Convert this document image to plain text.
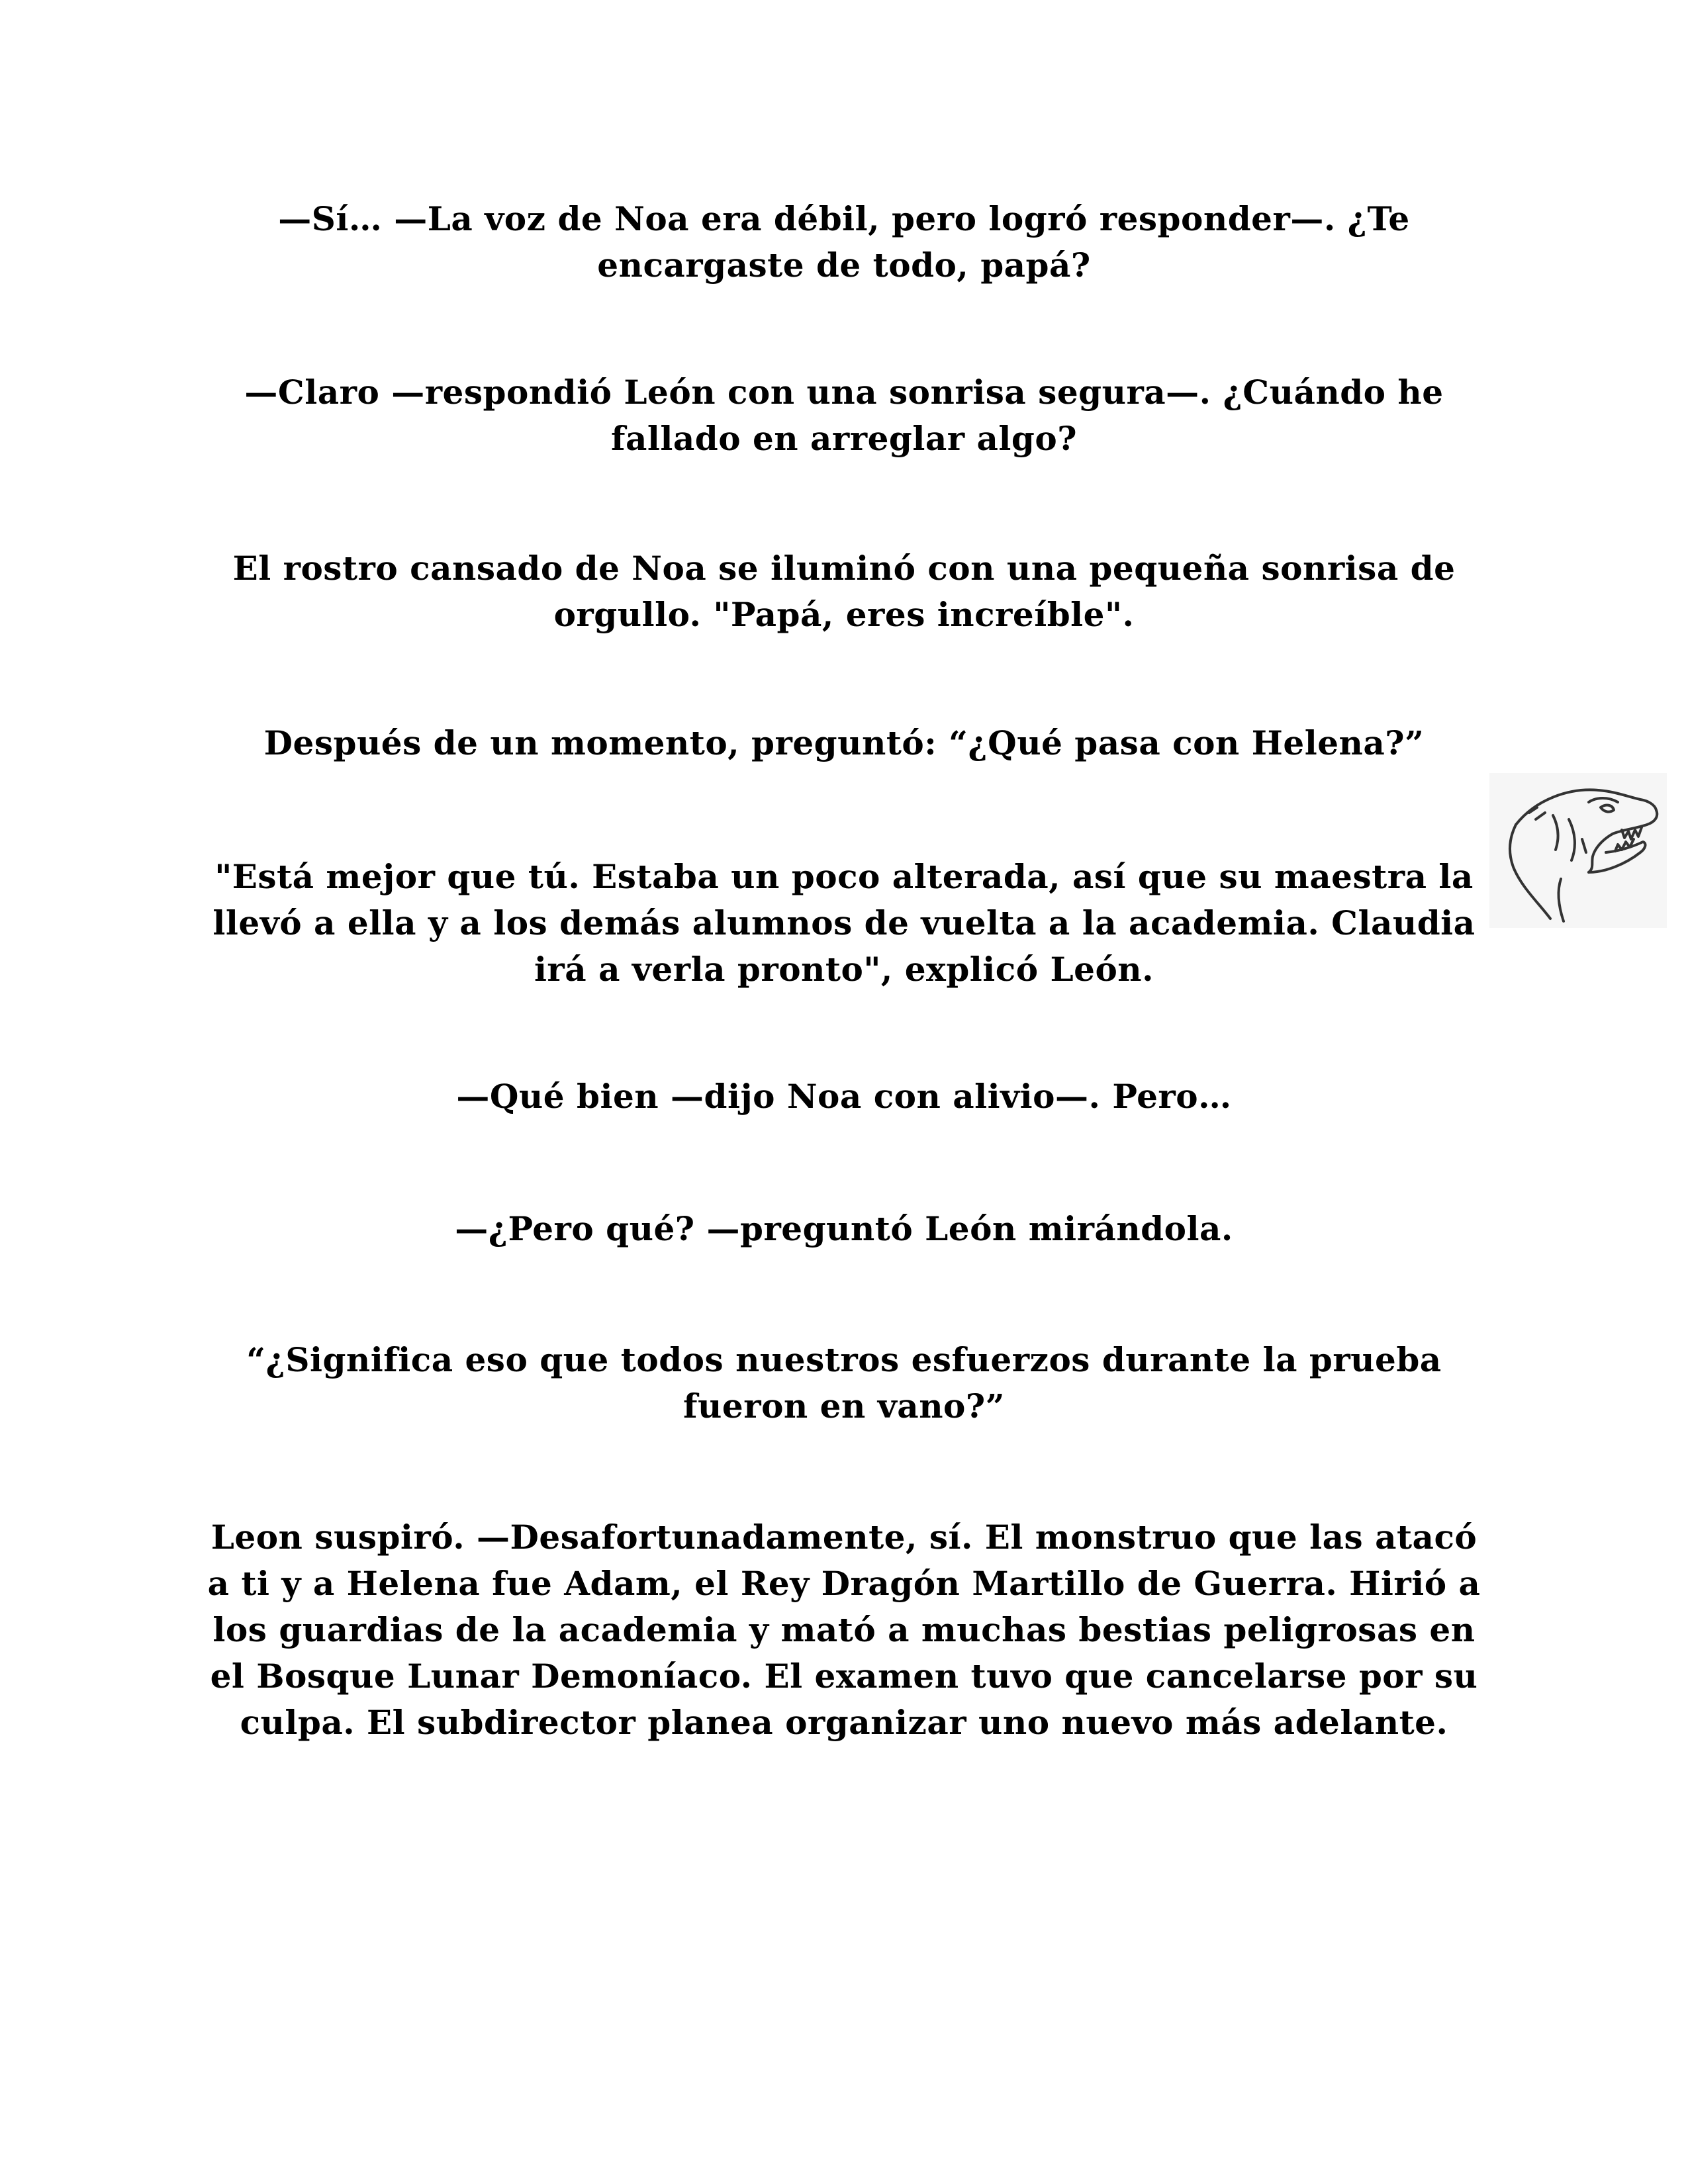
—Sí… —La voz de Noa era débil, pero logró responder—. ¿Te encargaste de todo, papá?

—Claro —respondió León con una sonrisa segura—. ¿Cuándo he fallado en arreglar algo?

El rostro cansado de Noa se iluminó con una pequeña sonrisa de orgullo. "Papá, eres increíble".

Después de un momento, preguntó: “¿Qué pasa con Helena?”

"Está mejor que tú. Estaba un poco alterada, así que su maestra la llevó a ella y a los demás alumnos de vuelta a la academia. Claudia irá a verla pronto", explicó León.

—Qué bien —dijo Noa con alivio—. Pero…

—¿Pero qué? —preguntó León mirándola.

“¿Significa eso que todos nuestros esfuerzos durante la prueba fueron en vano?”

Leon suspiró. —Desafortunadamente, sí. El monstruo que las atacó a ti y a Helena fue Adam, el Rey Dragón Martillo de Guerra. Hirió a los guardias de la academia y mató a muchas bestias peligrosas en el Bosque Lunar Demoníaco. El examen tuvo que cancelarse por su culpa. El subdirector planea organizar uno nuevo más adelante.
